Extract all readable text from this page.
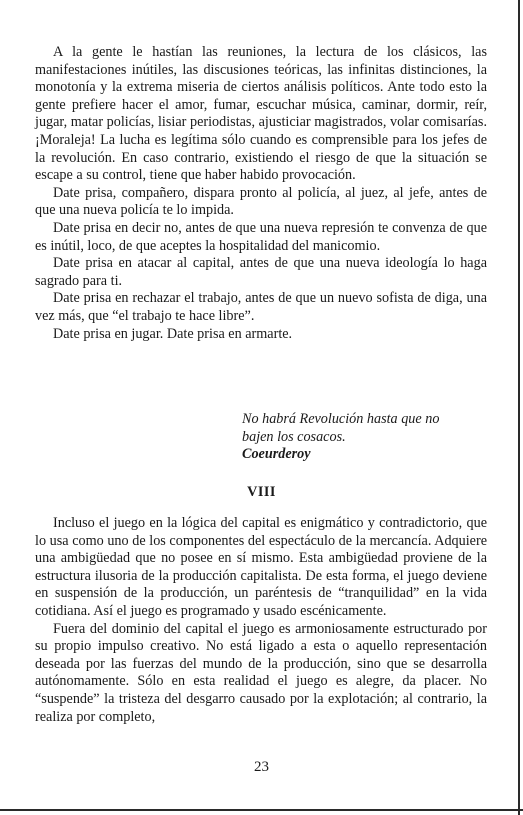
A la gente le hastían las reuniones, la lectura de los clásicos, las manifestaciones inútiles, las discusiones teóricas, las infinitas distinciones, la monotonía y la extrema miseria de ciertos análisis políticos. Ante todo esto la gente prefiere hacer el amor, fumar, escuchar música, caminar, dormir, reír, jugar, matar policías, lisiar periodistas, ajusticiar magistrados, volar comisarías. ¡Moraleja! La lucha es legítima sólo cuando es comprensible para los jefes de la revolución. En caso contrario, existiendo el riesgo de que la situación se escape a su control, tiene que haber habido provocación.

Date prisa, compañero, dispara pronto al policía, al juez, al jefe, antes de que una nueva policía te lo impida.

Date prisa en decir no, antes de que una nueva represión te convenza de que es inútil, loco, de que aceptes la hospitalidad del manicomio.

Date prisa en atacar al capital, antes de que una nueva ideología lo haga sagrado para ti.

Date prisa en rechazar el trabajo, antes de que un nuevo sofista de diga, una vez más, que “el trabajo te hace libre”.

Date prisa en jugar. Date prisa en armarte.

No habrá Revolución hasta que no

bajen los cosacos.

Coeurderoy

VIII

Incluso el juego en la lógica del capital es enigmático y contradictorio, que lo usa como uno de los componentes del espectáculo de la mercancía. Adquiere una ambigüedad que no posee en sí mismo. Esta ambigüedad proviene de la estructura ilusoria de la producción capitalista. De esta forma, el juego deviene en suspensión de la producción, un paréntesis de “tranquilidad” en la vida cotidiana. Así el juego es programado y usado escénicamente.

Fuera del dominio del capital el juego es armoniosamente estructurado por su propio impulso creativo. No está ligado a esta o aquello representación deseada por las fuerzas del mundo de la producción, sino que se desarrolla autónomamente. Sólo en esta realidad el juego es alegre, da placer. No “suspende” la tristeza del desgarro causado por la explotación; al contrario, la realiza por completo,

23
